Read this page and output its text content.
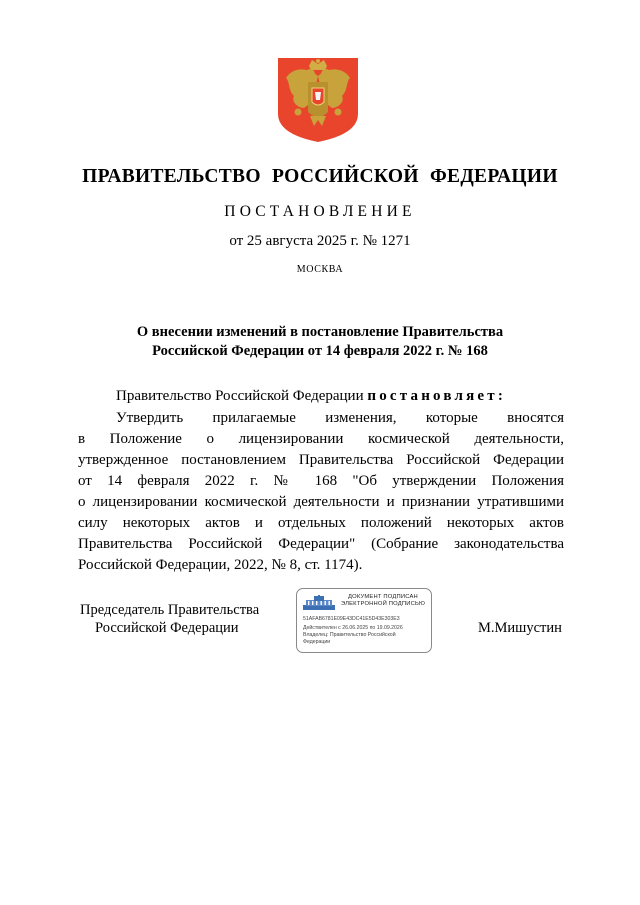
ПРАВИТЕЛЬСТВО РОССИЙСКОЙ ФЕДЕРАЦИИ
ПОСТАНОВЛЕНИЕ
от 25 августа 2025 г. № 1271
МОСКВА
О внесении изменений в постановление Правительства
Российской Федерации от 14 февраля 2022 г. № 168
Правительство Российской Федерации постановляет:
Утвердить прилагаемые изменения, которые вносятся
в Положение о лицензировании космической деятельности,
утвержденное постановлением Правительства Российской Федерации
от 14 февраля 2022 г. № 168 "Об утверждении Положения
о лицензировании космической деятельности и признании утратившими
силу некоторых актов и отдельных положений некоторых актов
Правительства Российской Федерации" (Собрание законодательства
Российской Федерации, 2022, № 8, ст. 1174).
Председатель Правительства
Российской Федерации	М.Мишустин
ДОКУМЕНТ ПОДПИСАН
ЭЛЕКТРОННОЙ ПОДПИСЬЮ
51AFAB6781E09E43DC41E5D43E303E3
Действителен с 26.06.2025 по 19.09.2026
Владелец: Правительство Российской
Федерации
